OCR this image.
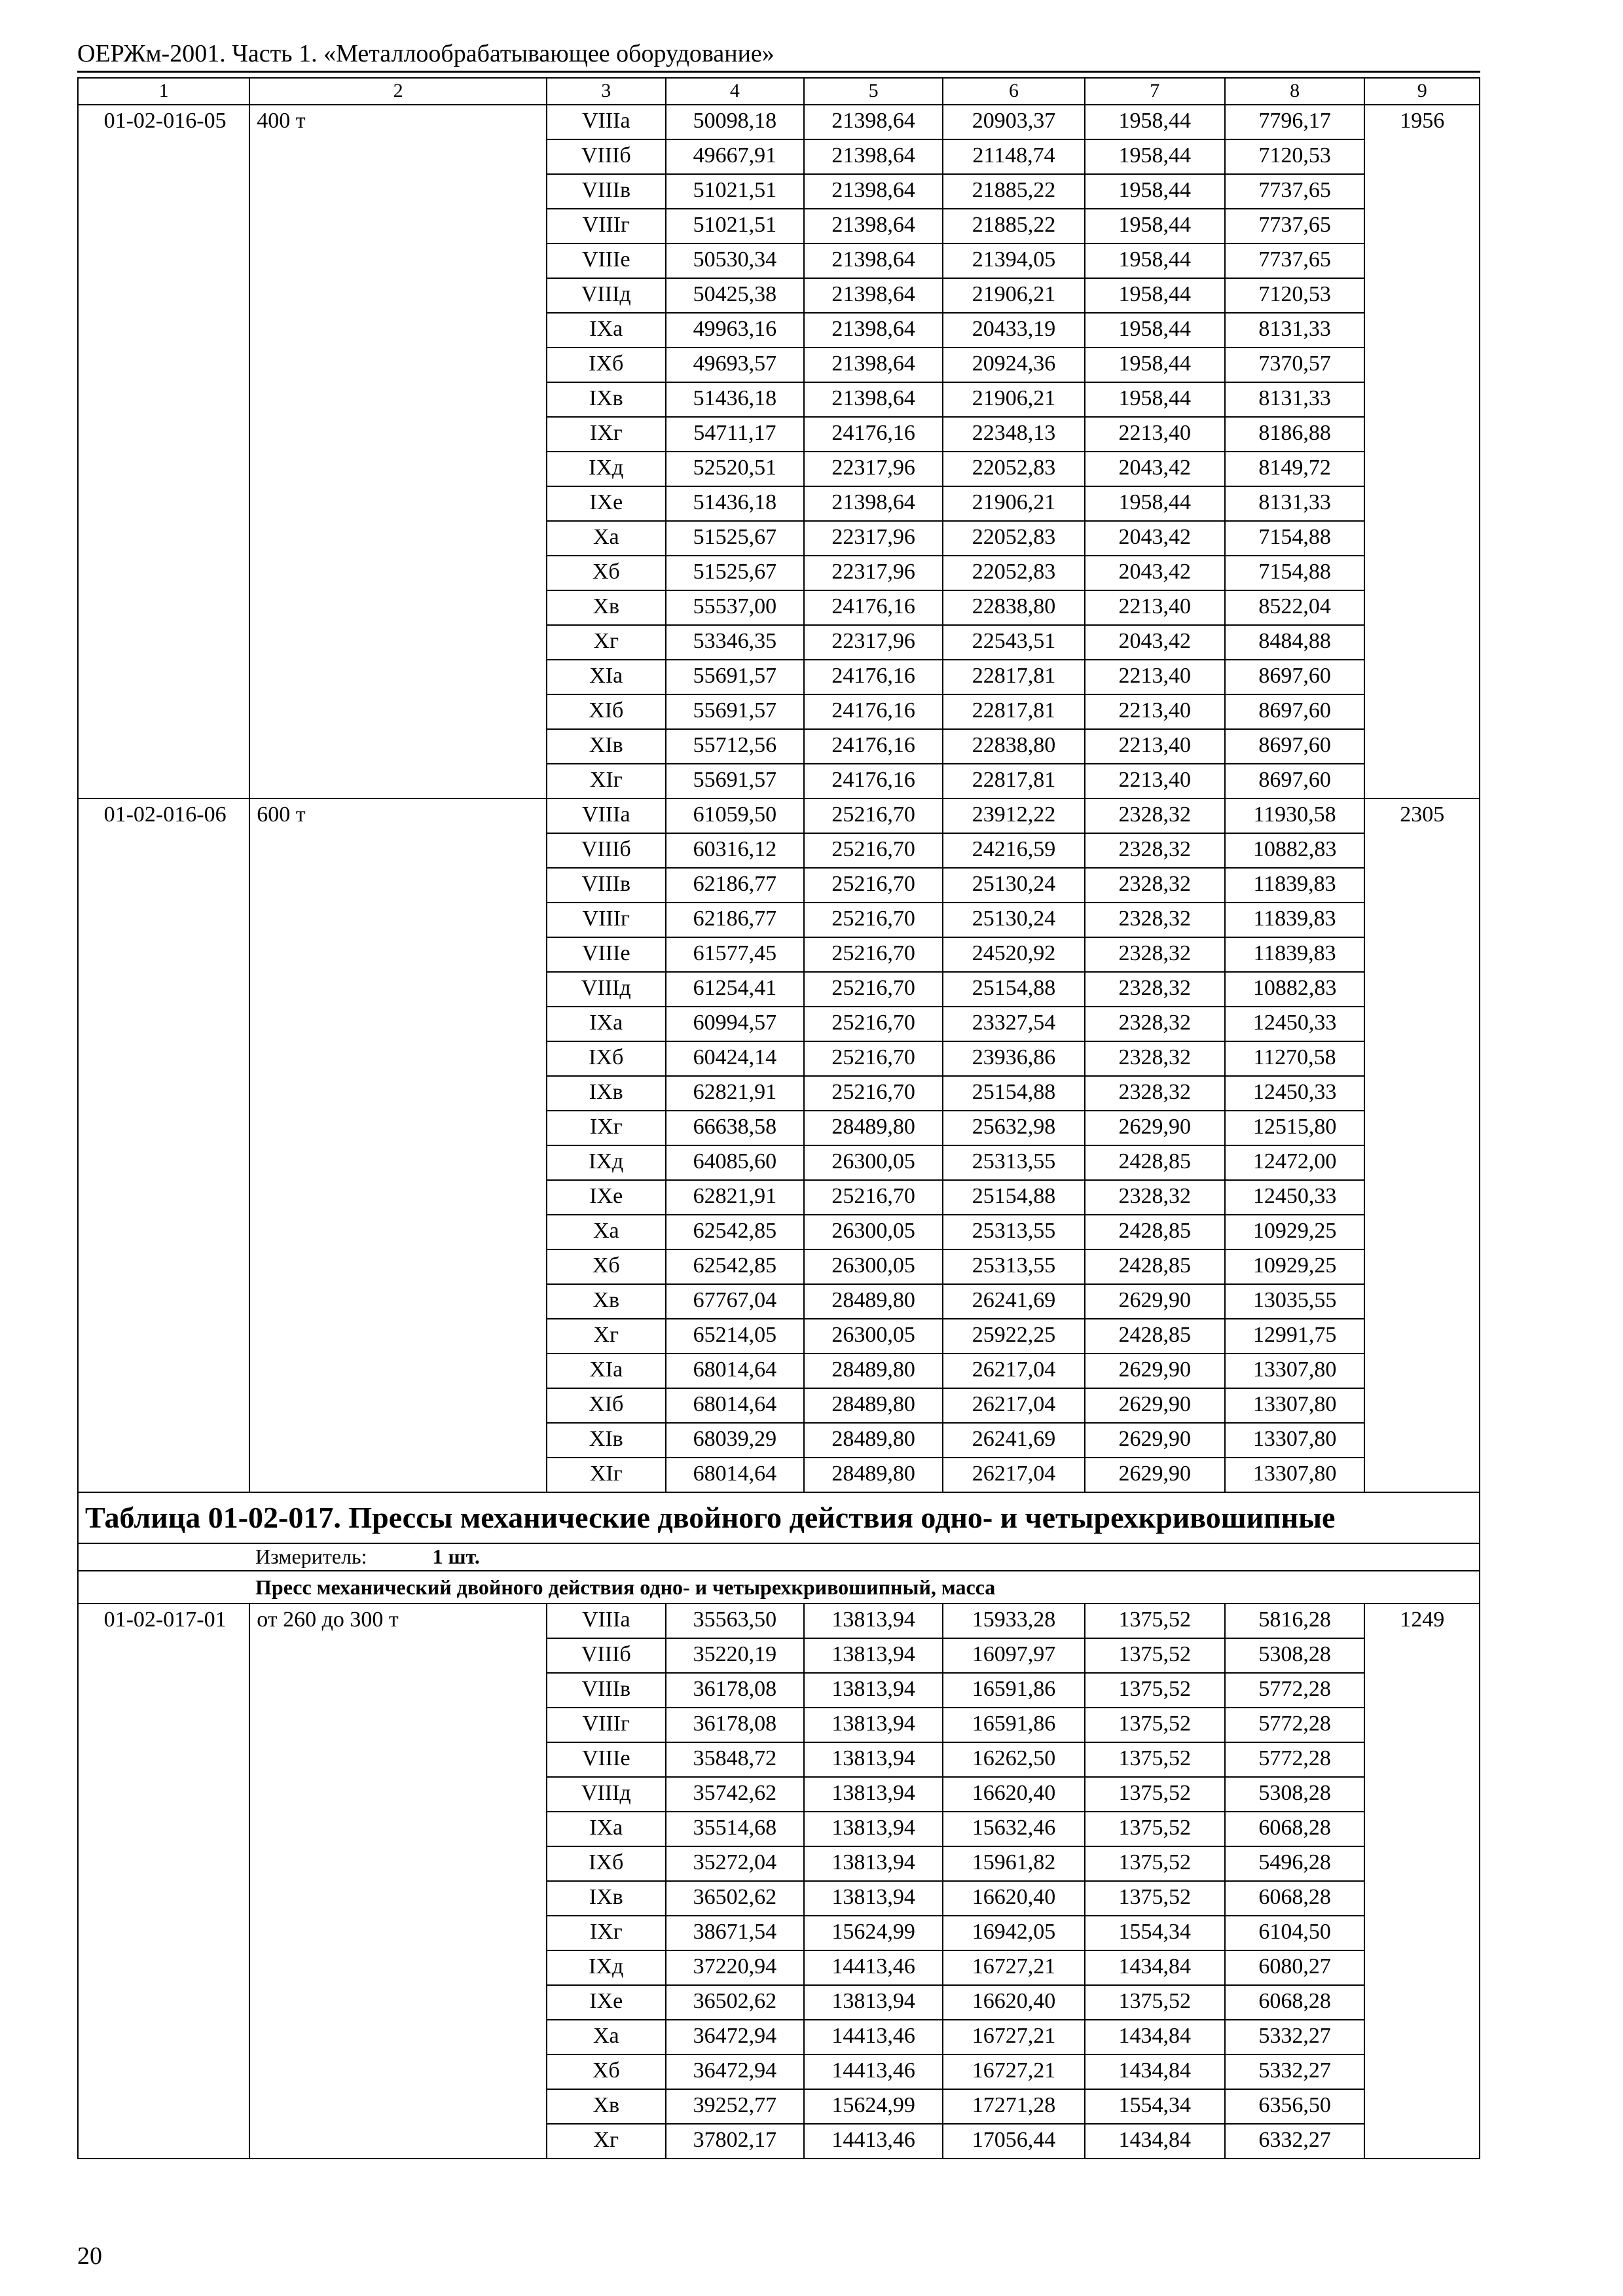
ОЕРЖм-2001. Часть 1. «Металлообрабатывающее оборудование»
1	2	3	4	5	6	7	8	9
01-02-016-05	400 т	VIIIa	50098,18	21398,64	20903,37	1958,44	7796,17	1956
		VIIIб	49667,91	21398,64	21148,74	1958,44	7120,53	
		VIIIв	51021,51	21398,64	21885,22	1958,44	7737,65	
		VIIIг	51021,51	21398,64	21885,22	1958,44	7737,65	
		VIIIe	50530,34	21398,64	21394,05	1958,44	7737,65	
		VIIIд	50425,38	21398,64	21906,21	1958,44	7120,53	
		IXa	49963,16	21398,64	20433,19	1958,44	8131,33	
		IXб	49693,57	21398,64	20924,36	1958,44	7370,57	
		IXв	51436,18	21398,64	21906,21	1958,44	8131,33	
		IXг	54711,17	24176,16	22348,13	2213,40	8186,88	
		IXд	52520,51	22317,96	22052,83	2043,42	8149,72	
		IXe	51436,18	21398,64	21906,21	1958,44	8131,33	
		Xa	51525,67	22317,96	22052,83	2043,42	7154,88	
		Xб	51525,67	22317,96	22052,83	2043,42	7154,88	
		Xв	55537,00	24176,16	22838,80	2213,40	8522,04	
		Xг	53346,35	22317,96	22543,51	2043,42	8484,88	
		XIa	55691,57	24176,16	22817,81	2213,40	8697,60	
		XIб	55691,57	24176,16	22817,81	2213,40	8697,60	
		XIв	55712,56	24176,16	22838,80	2213,40	8697,60	
		XIг	55691,57	24176,16	22817,81	2213,40	8697,60	
01-02-016-06	600 т	VIIIa	61059,50	25216,70	23912,22	2328,32	11930,58	2305
		VIIIб	60316,12	25216,70	24216,59	2328,32	10882,83	
		VIIIв	62186,77	25216,70	25130,24	2328,32	11839,83	
		VIIIг	62186,77	25216,70	25130,24	2328,32	11839,83	
		VIIIe	61577,45	25216,70	24520,92	2328,32	11839,83	
		VIIIд	61254,41	25216,70	25154,88	2328,32	10882,83	
		IXa	60994,57	25216,70	23327,54	2328,32	12450,33	
		IXб	60424,14	25216,70	23936,86	2328,32	11270,58	
		IXв	62821,91	25216,70	25154,88	2328,32	12450,33	
		IXг	66638,58	28489,80	25632,98	2629,90	12515,80	
		IXд	64085,60	26300,05	25313,55	2428,85	12472,00	
		IXe	62821,91	25216,70	25154,88	2328,32	12450,33	
		Xa	62542,85	26300,05	25313,55	2428,85	10929,25	
		Xб	62542,85	26300,05	25313,55	2428,85	10929,25	
		Xв	67767,04	28489,80	26241,69	2629,90	13035,55	
		Xг	65214,05	26300,05	25922,25	2428,85	12991,75	
		XIa	68014,64	28489,80	26217,04	2629,90	13307,80	
		XIб	68014,64	28489,80	26217,04	2629,90	13307,80	
		XIв	68039,29	28489,80	26241,69	2629,90	13307,80	
		XIг	68014,64	28489,80	26217,04	2629,90	13307,80	
Таблица 01-02-017. Прессы механические двойного действия одно- и четырехкривошипные								
Измеритель: 1 шт.								
Пресс механический двойного действия одно- и четырехкривошипный, масса								
01-02-017-01	от 260 до 300 т	VIIIa	35563,50	13813,94	15933,28	1375,52	5816,28	1249
		VIIIб	35220,19	13813,94	16097,97	1375,52	5308,28	
		VIIIв	36178,08	13813,94	16591,86	1375,52	5772,28	
		VIIIг	36178,08	13813,94	16591,86	1375,52	5772,28	
		VIIIe	35848,72	13813,94	16262,50	1375,52	5772,28	
		VIIIд	35742,62	13813,94	16620,40	1375,52	5308,28	
		IXa	35514,68	13813,94	15632,46	1375,52	6068,28	
		IXб	35272,04	13813,94	15961,82	1375,52	5496,28	
		IXв	36502,62	13813,94	16620,40	1375,52	6068,28	
		IXг	38671,54	15624,99	16942,05	1554,34	6104,50	
		IXд	37220,94	14413,46	16727,21	1434,84	6080,27	
		IXe	36502,62	13813,94	16620,40	1375,52	6068,28	
		Xa	36472,94	14413,46	16727,21	1434,84	5332,27	
		Xб	36472,94	14413,46	16727,21	1434,84	5332,27	
		Xв	39252,77	15624,99	17271,28	1554,34	6356,50	
		Xг	37802,17	14413,46	17056,44	1434,84	6332,27	
20
